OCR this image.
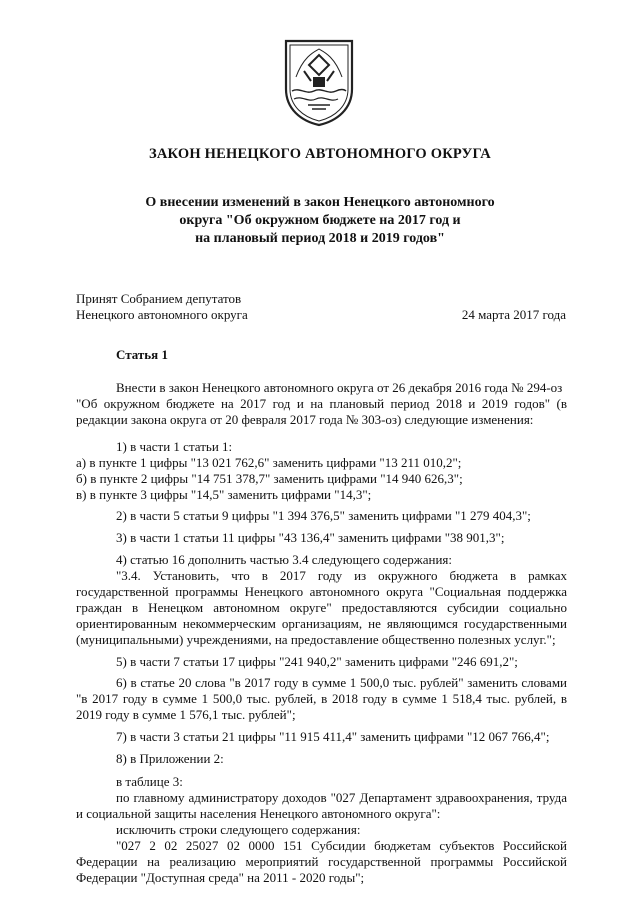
ЗАКОН НЕНЕЦКОГО АВТОНОМНОГО ОКРУГА
О внесении изменений в закон Ненецкого автономного
округа "Об окружном бюджете на 2017 год и
на плановый период 2018 и 2019 годов"
Принят Собранием депутатов
Ненецкого автономного округа	24 марта 2017 года
Статья 1
Внести в закон Ненецкого автономного округа от 26 декабря 2016 года № 294-оз
"Об окружном бюджете на 2017 год и на плановый период 2018 и 2019 годов" (в
редакции закона округа от 20 февраля 2017 года № 303-оз) следующие изменения:
1) в части 1 статьи 1:
а) в пункте 1 цифры "13 021 762,6" заменить цифрами "13 211 010,2";
б) в пункте 2 цифры "14 751 378,7" заменить цифрами "14 940 626,3";
в) в пункте 3 цифры "14,5" заменить цифрами "14,3";
2) в части 5 статьи 9 цифры "1 394 376,5" заменить цифрами "1 279 404,3";
3) в части 1 статьи 11 цифры "43 136,4" заменить цифрами "38 901,3";
4) статью 16 дополнить частью 3.4 следующего содержания:
"3.4. Установить, что в 2017 году из окружного бюджета в рамках
государственной программы Ненецкого автономного округа "Социальная поддержка
граждан в Ненецком автономном округе" предоставляются субсидии социально
ориентированным некоммерческим организациям, не являющимся государственными
(муниципальными) учреждениями, на предоставление общественно полезных услуг.";
5) в части 7 статьи 17 цифры "241 940,2" заменить цифрами "246 691,2";
6) в статье 20 слова "в 2017 году в сумме 1 500,0 тыс. рублей" заменить словами
"в 2017 году в сумме 1 500,0 тыс. рублей, в 2018 году в сумме 1 518,4 тыс. рублей, в
2019 году в сумме 1 576,1 тыс. рублей";
7) в части 3 статьи 21 цифры "11 915 411,4" заменить цифрами "12 067 766,4";
8) в Приложении 2:
в таблице 3:
по главному администратору доходов "027 Департамент здравоохранения, труда
и социальной защиты населения Ненецкого автономного округа":
исключить строки следующего содержания:
"027 2 02 25027 02 0000 151 Субсидии бюджетам субъектов Российской
Федерации на реализацию мероприятий государственной программы Российской
Федерации "Доступная среда" на 2011 - 2020 годы";
